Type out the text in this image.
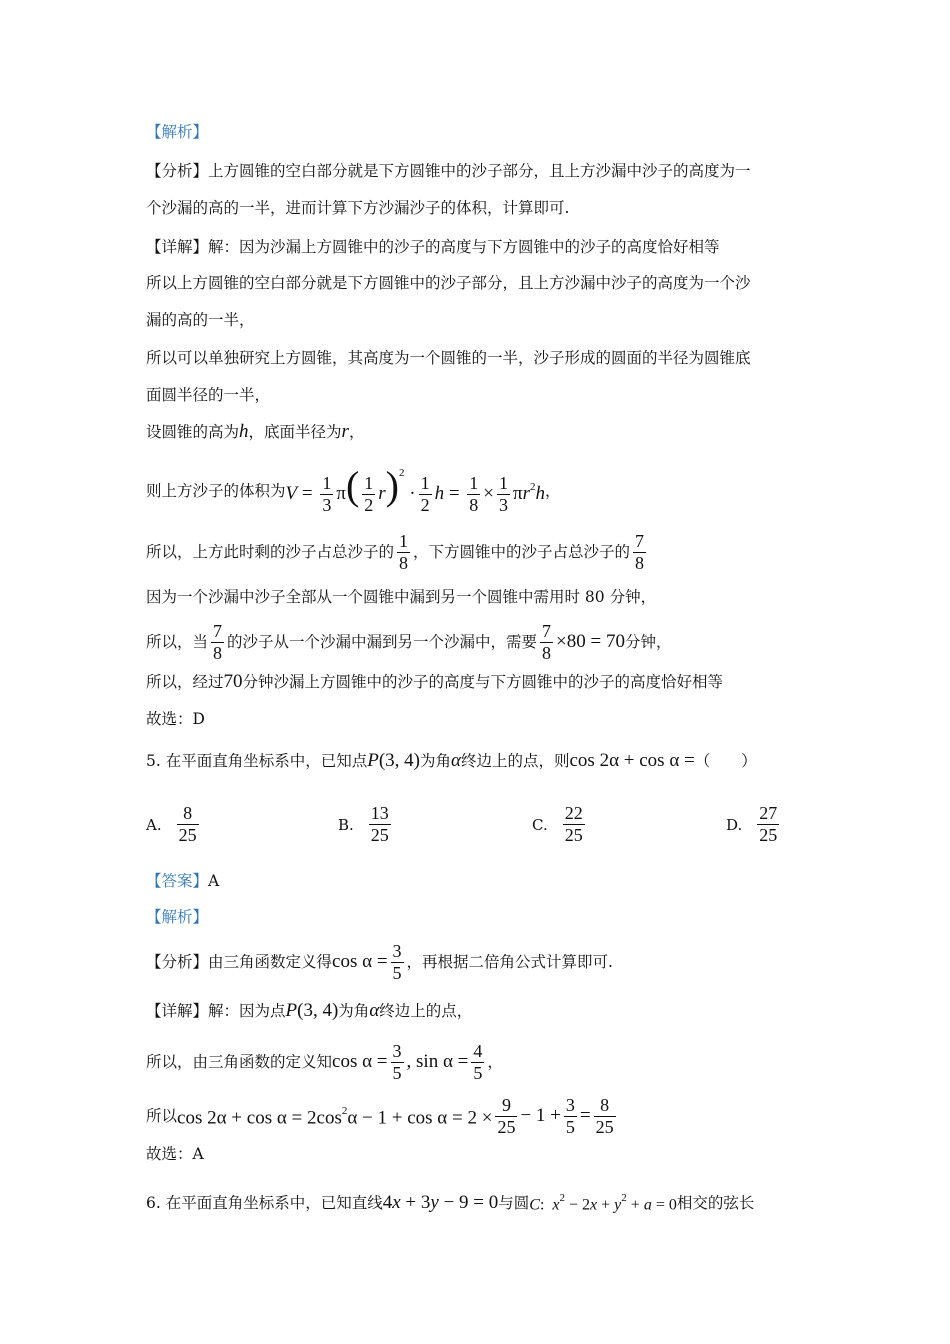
【解析】
【分析】 上方圆锥的空白部分就是下方圆锥中的沙子部分，且上方沙漏中沙子的高度为一
个沙漏的高的一半，进而计算下方沙漏沙子的体积，计算即可.
【详解】 解：因为沙漏上方圆锥中的沙子的高度与下方圆锥中的沙子的高度恰好相等
所以上方圆锥的空白部分就是下方圆锥中的沙子部分，且上方沙漏中沙子的高度为一个沙
漏的高的一半，
所以可以单独研究上方圆锥，其高度为一个圆锥的一半，沙子形成的圆面的半径为圆锥底
面圆半径的一半，
设圆锥的高为 h ，底面半径为 r ，
则上方沙子的体积为 $V = \frac{1}{3} \pi( \frac{1}{2} r)^2 \cdot \frac{1}{2}$ $h = \frac{1}{8} \times \frac{1}{3} \pi r^2h$ ，
所以，上方此时剩的沙子占总沙子的 $\frac{1}{8}$ ，下方圆锥中的沙子占总沙子的 $\frac{7}{8}$
因为一个沙漏中沙子全部从一个圆锥中漏到另一个圆锥中需用时 80 分钟，
所以，当 $\frac{7}{8}$ 的沙子从一个沙漏中漏到另一个沙漏中，需要 $\frac{7}{8} \times 80 = 70$ 分钟，
所以，经过 70 分钟沙漏上方圆锥中的沙子的高度与下方圆锥中的沙子的高度恰好相等
故选：D
5. 在平面直角坐标系中，已知点 P(3, 4) 为角 α 终边上的点，则 cos 2α + cos α = （　　）
A. $\frac{8}{25}$	B. $\frac{13}{25}$	C. $\frac{22}{25}$	D. $\frac{27}{25}$
【答案】 A
【解析】
【分析】 由三角函数定义得 $\cos \alpha = \frac{3}{5}$ ，再根据二倍角公式计算即可.
【详解】 解：因为点 P(3, 4) 为角 α 终边上的点，
所以，由三角函数的定义知 $\cos \alpha = \frac{3}{5}$ , $\sin \alpha = \frac{4}{5}$ ，
所以 $\cos 2\alpha + \cos \alpha = 2\cos^2\alpha - 1 + \cos \alpha = 2 \times \frac{9}{25} - 1 + \frac{3}{5} = \frac{8}{25}$
故选：A
6. 在平面直角坐标系中，已知直线 4x + 3y − 9 = 0 与圆 C:  $x^2 - 2x + y^2 + a = 0$ 相交的弦长
